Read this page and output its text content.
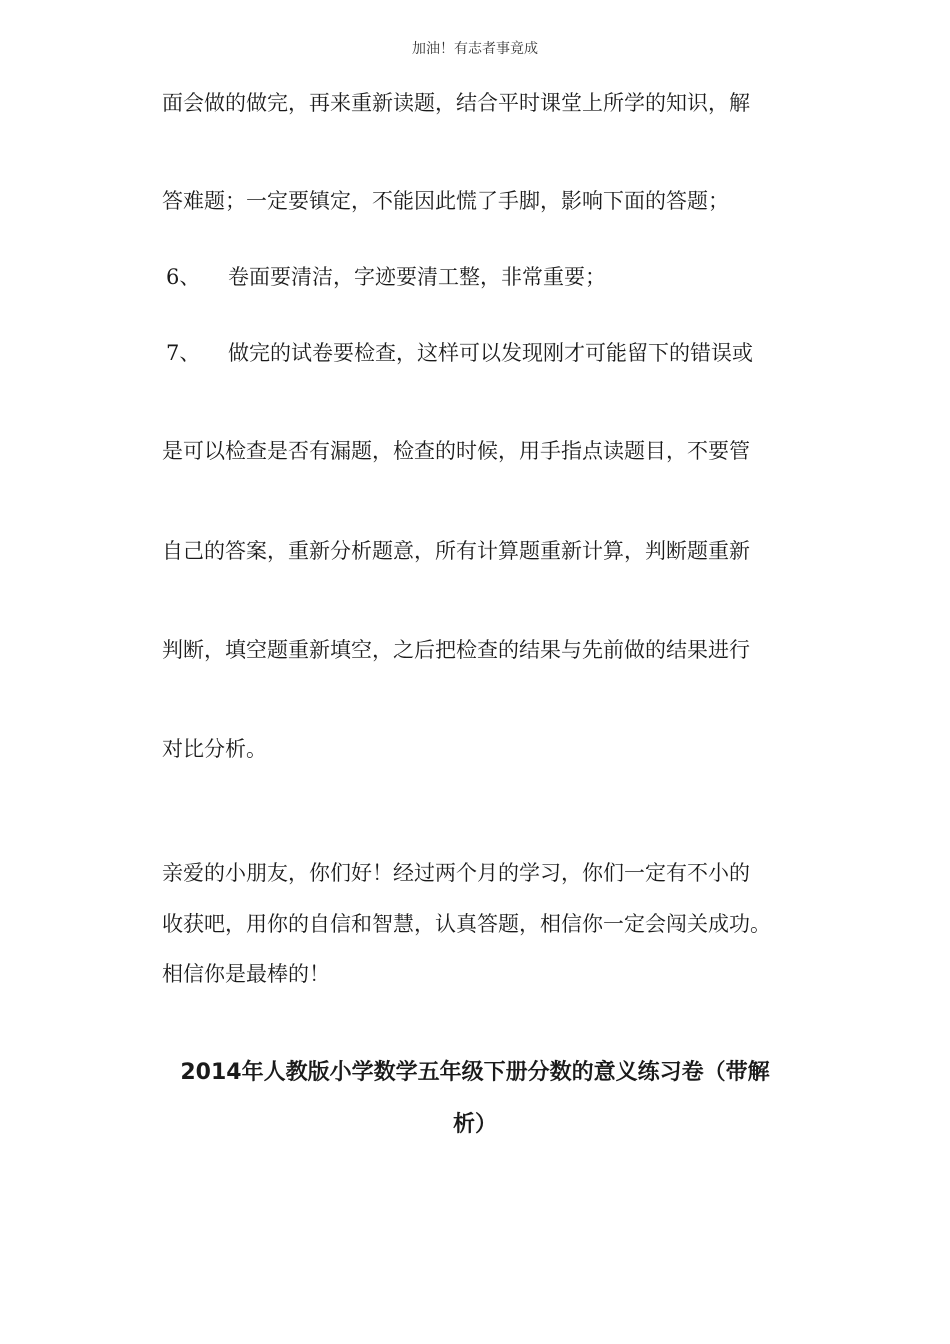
加油！有志者事竟成
面会做的做完，再来重新读题，结合平时课堂上所学的知识，解
答难题；一定要镇定，不能因此慌了手脚，影响下面的答题；
6、 卷面要清洁，字迹要清工整，非常重要；
7、 做完的试卷要检查，这样可以发现刚才可能留下的错误或
是可以检查是否有漏题，检查的时候，用手指点读题目，不要管
自己的答案，重新分析题意，所有计算题重新计算，判断题重新
判断，填空题重新填空，之后把检查的结果与先前做的结果进行
对比分析。
亲爱的小朋友，你们好！经过两个月的学习，你们一定有不小的
收获吧，用你的自信和智慧，认真答题，相信你一定会闯关成功。
相信你是最棒的！
2014年人教版小学数学五年级下册分数的意义练习卷（带解
析）
